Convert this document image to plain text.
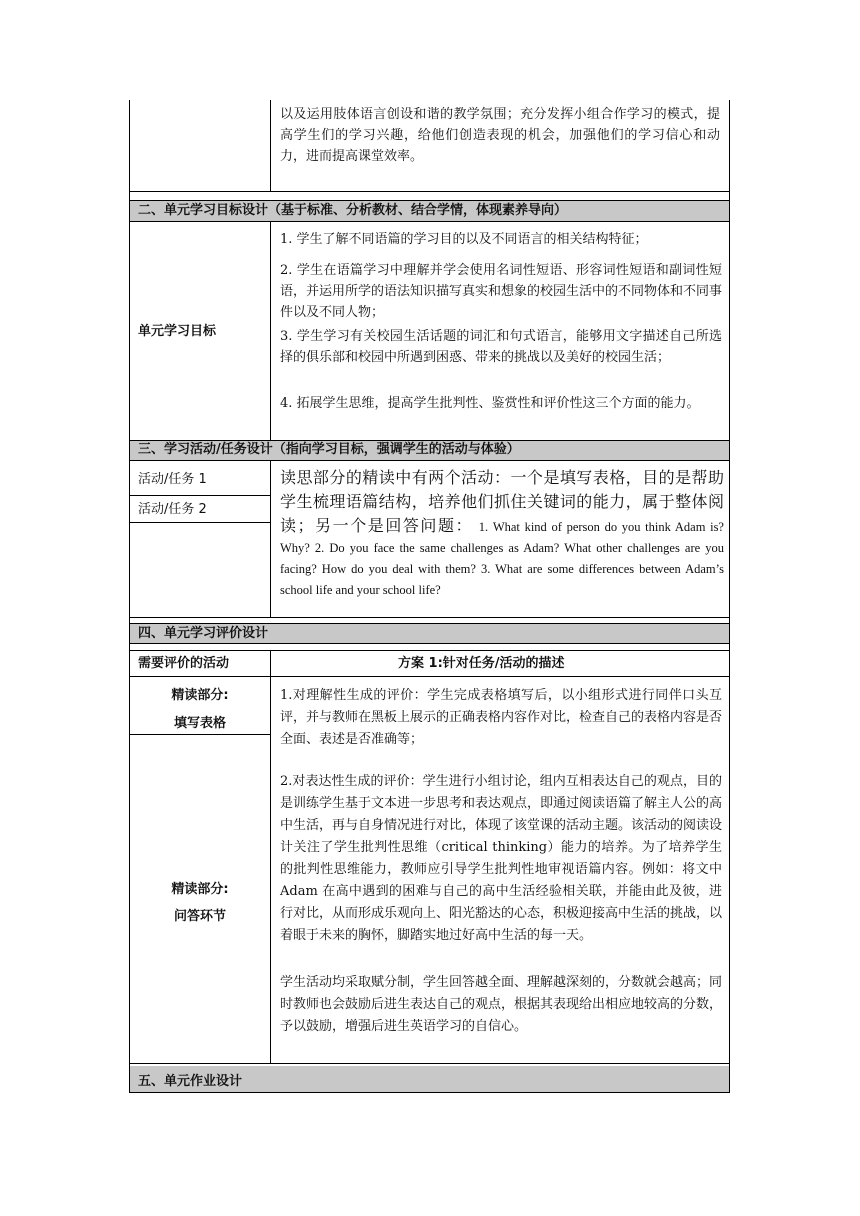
以及运用肢体语言创设和谐的教学氛围；充分发挥小组合作学习的模式，提高学生们的学习兴趣，给他们创造表现的机会，加强他们的学习信心和动力，进而提高课堂效率。
二、单元学习目标设计（基于标准、分析教材、结合学情，体现素养导向）
单元学习目标
1. 学生了解不同语篇的学习目的以及不同语言的相关结构特征；
2. 学生在语篇学习中理解并学会使用名词性短语、形容词性短语和副词性短语，并运用所学的语法知识描写真实和想象的校园生活中的不同物体和不同事件以及不同人物；
3. 学生学习有关校园生活话题的词汇和句式语言，能够用文字描述自己所选择的俱乐部和校园中所遇到困惑、带来的挑战以及美好的校园生活；
4. 拓展学生思维，提高学生批判性、鉴赏性和评价性这三个方面的能力。
三、学习活动/任务设计（指向学习目标，强调学生的活动与体验）
活动/任务 1
活动/任务 2
读思部分的精读中有两个活动：一个是填写表格，目的是帮助学生梳理语篇结构，培养他们抓住关键词的能力，属于整体阅读；另一个是回答问题： 1. What kind of person do you think Adam is? Why? 2. Do you face the same challenges as Adam? What other challenges are you facing? How do you deal with them? 3. What are some differences between Adam’s school life and your school life?
四、单元学习评价设计
需要评价的活动	方案 1:针对任务/活动的描述
精读部分:
填写表格
精读部分:
问答环节
1.对理解性生成的评价：学生完成表格填写后，以小组形式进行同伴口头互评，并与教师在黑板上展示的正确表格内容作对比，检查自己的表格内容是否全面、表述是否准确等；
2.对表达性生成的评价：学生进行小组讨论，组内互相表达自己的观点，目的是训练学生基于文本进一步思考和表达观点，即通过阅读语篇了解主人公的高中生活，再与自身情况进行对比，体现了该堂课的活动主题。该活动的阅读设计关注了学生批判性思维（critical thinking）能力的培养。为了培养学生的批判性思维能力，教师应引导学生批判性地审视语篇内容。例如：将文中 Adam 在高中遇到的困难与自己的高中生活经验相关联，并能由此及彼，进行对比，从而形成乐观向上、阳光豁达的心态，积极迎接高中生活的挑战，以着眼于未来的胸怀，脚踏实地过好高中生活的每一天。
学生活动均采取赋分制，学生回答越全面、理解越深刻的，分数就会越高；同时教师也会鼓励后进生表达自己的观点，根据其表现给出相应地较高的分数，予以鼓励，增强后进生英语学习的自信心。
五、单元作业设计
